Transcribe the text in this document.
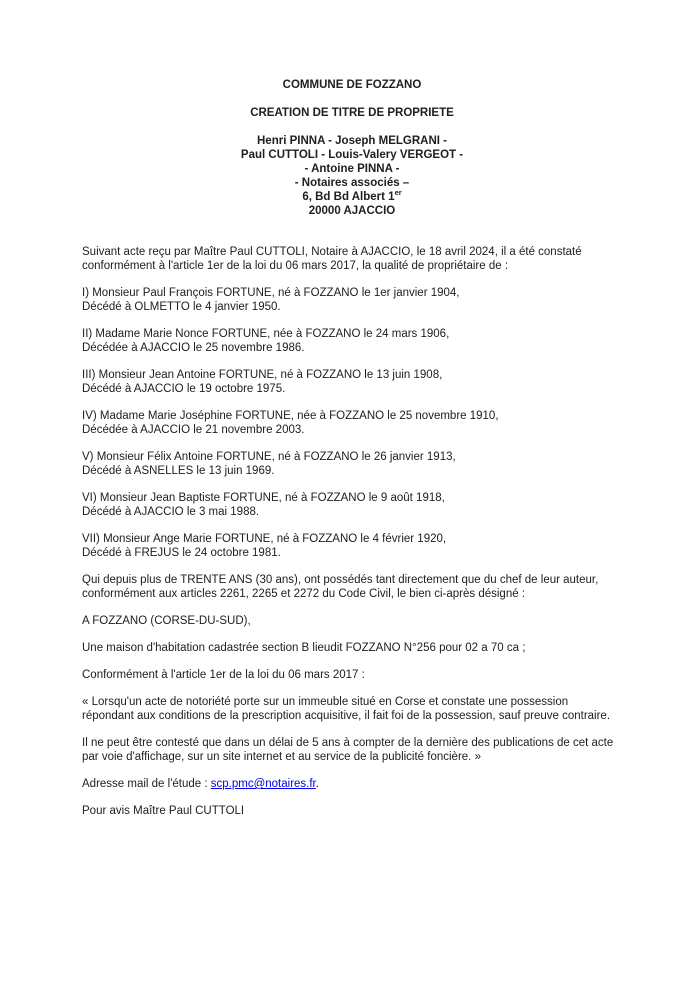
COMMUNE DE FOZZANO
CREATION DE TITRE DE PROPRIETE
Henri PINNA - Joseph MELGRANI -
Paul CUTTOLI - Louis-Valery VERGEOT -
- Antoine PINNA -
- Notaires associés –
6, Bd Bd Albert 1er
20000 AJACCIO
Suivant acte reçu par Maître Paul CUTTOLI, Notaire à AJACCIO, le 18 avril 2024, il a été constaté conformément à l'article 1er de la loi du 06 mars 2017, la qualité de propriétaire de :
I) Monsieur Paul François FORTUNE, né à FOZZANO le 1er janvier 1904,
Décédé à OLMETTO le 4 janvier 1950.
II) Madame Marie Nonce FORTUNE, née à FOZZANO le 24 mars 1906,
Décédée à AJACCIO le 25 novembre 1986.
III) Monsieur Jean Antoine FORTUNE, né à FOZZANO le 13 juin 1908,
Décédé à AJACCIO le 19 octobre 1975.
IV) Madame Marie Joséphine FORTUNE, née à FOZZANO le 25 novembre 1910,
Décédée à AJACCIO le 21 novembre 2003.
V) Monsieur Félix Antoine FORTUNE, né à FOZZANO le 26 janvier 1913,
Décédé à ASNELLES le 13 juin 1969.
VI) Monsieur Jean Baptiste FORTUNE, né à FOZZANO le 9 août 1918,
Décédé à AJACCIO le 3 mai 1988.
VII) Monsieur Ange Marie FORTUNE, né à FOZZANO le 4 février 1920,
Décédé à FREJUS le 24 octobre 1981.
Qui depuis plus de TRENTE ANS (30 ans), ont possédés tant directement que du chef de leur auteur, conformément aux articles 2261, 2265 et 2272 du Code Civil, le bien ci-après désigné :
A FOZZANO (CORSE-DU-SUD),
Une maison d'habitation cadastrée section B lieudit FOZZANO N°256 pour 02 a 70 ca ;
Conformément à l'article 1er de la loi du 06 mars 2017 :
« Lorsqu'un acte de notoriété porte sur un immeuble situé en Corse et constate une possession répondant aux conditions de la prescription acquisitive, il fait foi de la possession, sauf preuve contraire.
Il ne peut être contesté que dans un délai de 5 ans à compter de la dernière des publications de cet acte par voie d'affichage, sur un site internet et au service de la publicité foncière. »
Adresse mail de l'étude : scp.pmc@notaires.fr.
Pour avis Maître Paul CUTTOLI
